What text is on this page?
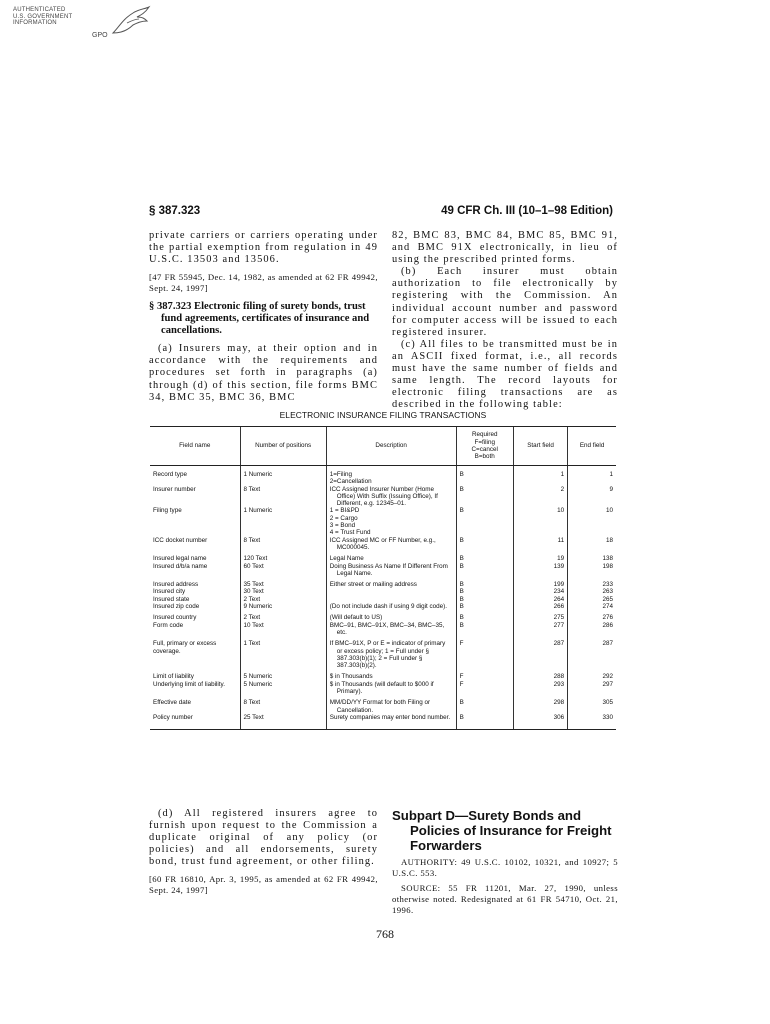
AUTHENTICATED
U.S. GOVERNMENT
INFORMATION
GPO
§ 387.323	49 CFR Ch. III (10–1–98 Edition)

private carriers or carriers operating under the partial exemption from regulation in 49 U.S.C. 13503 and 13506.

[47 FR 55945, Dec. 14, 1982, as amended at 62 FR 49942, Sept. 24, 1997]

§ 387.323 Electronic filing of surety bonds, trust fund agreements, certificates of insurance and cancellations.

(a) Insurers may, at their option and in accordance with the requirements and procedures set forth in paragraphs (a) through (d) of this section, file forms BMC 34, BMC 35, BMC 36, BMC

82, BMC 83, BMC 84, BMC 85, BMC 91, and BMC 91X electronically, in lieu of using the prescribed printed forms.

(b) Each insurer must obtain authorization to file electronically by registering with the Commission. An individual account number and password for computer access will be issued to each registered insurer.

(c) All files to be transmitted must be in an ASCII fixed format, i.e., all records must have the same number of fields and same length. The record layouts for electronic filing transactions are as described in the following table:

ELECTRONIC INSURANCE FILING TRANSACTIONS
Field name	Number of positions	Description	Required
F=filing
C=cancel
B=both	Start field	End field
Record type	1 Numeric	1=Filing
2=Cancellation	B	1	1
Insurer number	8 Text	ICC Assigned Insurer Number (Home Office) With Suffix (Issuing Office), If Different, e.g. 12345–01.	B	2	9
Filing type	1 Numeric	1 = BI&PD
2 = Cargo
3 = Bond
4 = Trust Fund	B	10	10
ICC docket number	8 Text	ICC Assigned MC or FF Number, e.g., MC000045.	B	11	18
Insured legal name	120 Text	Legal Name	B	19	138
Insured d/b/a name	60 Text	Doing Business As Name If Different From Legal Name.	B	139	198
Insured address	35 Text	Either street or mailing address	B	199	233
Insured city	30 Text		B	234	263
Insured state	2 Text		B	264	265
Insured zip code	9 Numeric	(Do not include dash if using 9 digit code).	B	266	274
Insured country	2 Text	(Will default to US)	B	275	276
Form code	10 Text	BMC–91, BMC–91X, BMC–34, BMC–35, etc.	B	277	286
Full, primary or excess coverage.	1 Text	If BMC–91X, P or E = indicator of primary or excess policy; 1 = Full under § 387.303(b)(1); 2 = Full under § 387.303(b)(2).	F	287	287
Limit of liability	5 Numeric	$ in Thousands	F	288	292
Underlying limit of liability.	5 Numeric	$ in Thousands (will default to $000 if Primary).	F	293	297
Effective date	8 Text	MM/DD/YY Format for both Filing or Cancellation.	B	298	305
Policy number	25 Text	Surety companies may enter bond number.	B	306	330

(d) All registered insurers agree to furnish upon request to the Commission a duplicate original of any policy (or policies) and all endorsements, surety bond, trust fund agreement, or other filing.

[60 FR 16810, Apr. 3, 1995, as amended at 62 FR 49942, Sept. 24, 1997]

Subpart D—Surety Bonds and Policies of Insurance for Freight Forwarders

AUTHORITY: 49 U.S.C. 10102, 10321, and 10927; 5 U.S.C. 553.

SOURCE: 55 FR 11201, Mar. 27, 1990, unless otherwise noted. Redesignated at 61 FR 54710, Oct. 21, 1996.

768
